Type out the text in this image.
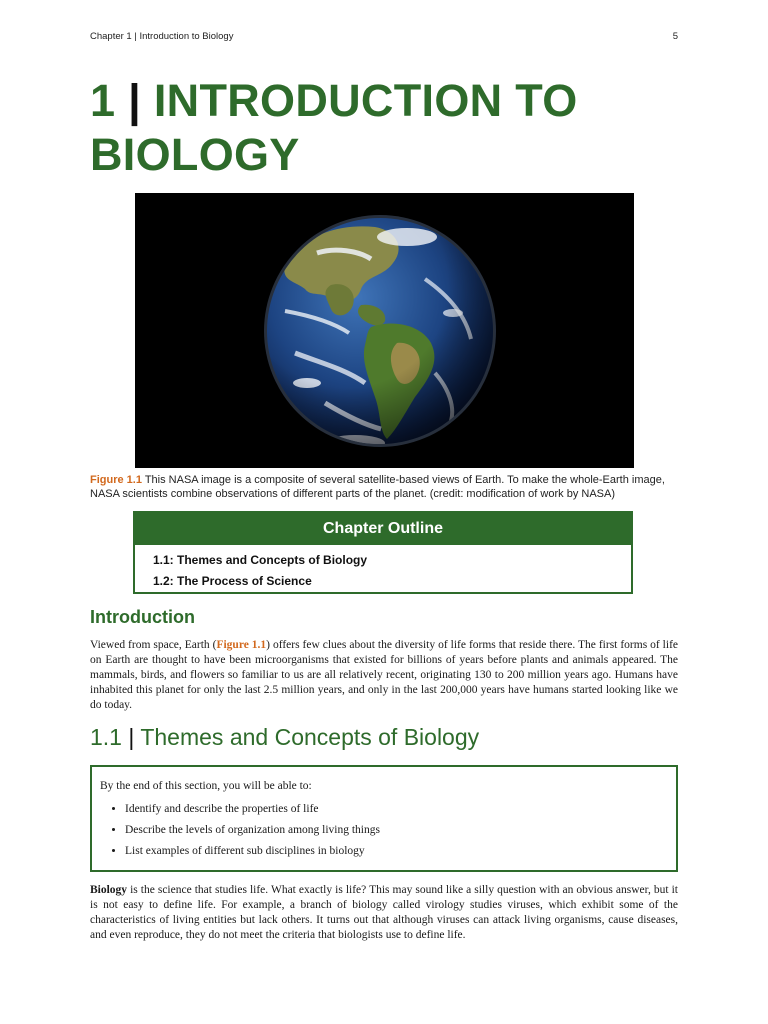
Chapter 1 | Introduction to Biology	5
1 | INTRODUCTION TO BIOLOGY
Figure 1.1 This NASA image is a composite of several satellite-based views of Earth. To make the whole-Earth image, NASA scientists combine observations of different parts of the planet. (credit: modification of work by NASA)
Chapter Outline
1.1: Themes and Concepts of Biology
1.2: The Process of Science
Introduction

Viewed from space, Earth (Figure 1.1) offers few clues about the diversity of life forms that reside there. The first forms of life on Earth are thought to have been microorganisms that existed for billions of years before plants and animals appeared. The mammals, birds, and flowers so familiar to us are all relatively recent, originating 130 to 200 million years ago. Humans have inhabited this planet for only the last 2.5 million years, and only in the last 200,000 years have humans started looking like we do today.

1.1 | Themes and Concepts of Biology

By the end of this section, you will be able to:

• Identify and describe the properties of life
• Describe the levels of organization among living things
• List examples of different sub disciplines in biology

Biology is the science that studies life. What exactly is life? This may sound like a silly question with an obvious answer, but it is not easy to define life. For example, a branch of biology called virology studies viruses, which exhibit some of the characteristics of living entities but lack others. It turns out that although viruses can attack living organisms, cause diseases, and even reproduce, they do not meet the criteria that biologists use to define life.
